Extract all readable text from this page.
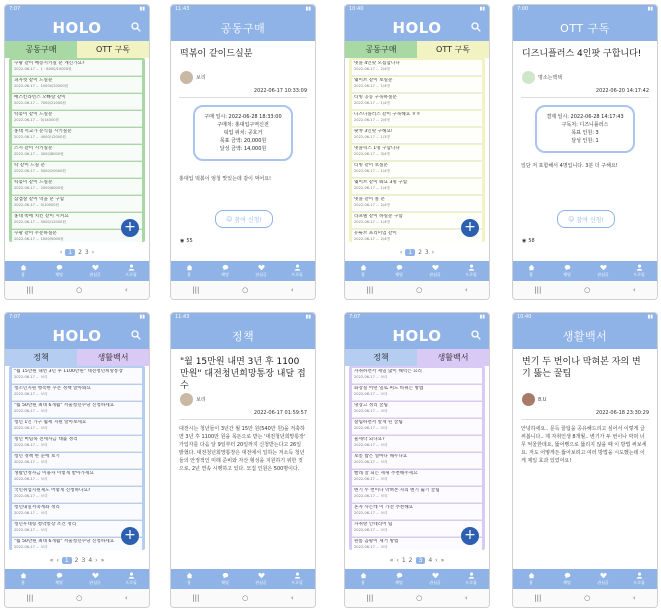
7:07	▮▮
HOLO
공동구매	OTT 구독
쿠팡 같이 배송시키실 분 계신가요?
2022-06-17 ... 1 · 8000/10000원
피자헛 같이 드실분
2022-06-17 ... 10000/20000원
배스킨라빈스 오빠랑 같이
2022-06-17 ... 7000/21000원
떡볶이 같이 드실분
2022-06-17 ... 0/14000원
홍대 서교가 분식집 시키실분
2022-06-17 ... 4000/12000원
스시 같이 시키실분
2022-06-17 ... 3000/8000원
딱 같이 드실 분
2022-06-17 ... 5000/20000원
떡볶이 같이 드실분
2022-06-17 ... 2000/8000원
삼겹살 같이 먹을 분 구함
2022-06-17 ... 0/10000원
홍대 쪽에 치킨 같이 시켜요
2022-06-17 ... 5000/12000원
쿠팡 같이 주문하실분
2022-06-17 ... 1000/5000원
+
‹	1	2 3 ›
홈	채팅	관심글	프로필
|||	○	‹
11:43	▮▮
공동구매
떡볶이 같이드실분
보리
2022-06-17 10:33:09
구매 일시: 2022-06-28 18:33:00
구매처: 홍대입구역신전
픽업 위치: 공호거
목표 금액: 20,000원
달성 금액: 14,000원
홍대입 떡볶이 엄청 맛있는데 같이 먹어요!
☺ 참여 신청!
◉ 55
홈	채팅	관심글	프로필
|||	○	‹
10:40	▮▮
HOLO
공동구매	OTT 구독
넷플 4인팟 모집합니다
2022-06-17 ... 2/4명
웨이브 같이 보실분
2022-06-17 ... 1/4명
티빙 공동 구독하실분
2022-06-17 ... 1/4명
디즈니플러스 같이 구독해요 ㅎㅎ
2022-06-17 ... 2/4명
왓챠 3인팟 구해요!
2022-06-17 ... 1/3명
넷플릭스 1명 구합니다
2022-06-17 ... 3/4명
티빙 같이 보실분
2022-06-17 ... 1/4명
웨이브 같이 봐요 3명 구함
2022-06-17 ... 1/4명
넷플 같이 볼 분
2022-06-17 ... 2/4명
라프텔 같이 하실분 구함
2022-06-17 ... 1/4명
유튜브 프리미엄 같이
2022-06-17 ... 2/4명
+
‹	1	2 3 ›
홈	채팅	관심글	프로필
|||	○	‹
7:00	▮▮
OTT 구독
디즈니플러스 4인팟 구합니다!
명소는맥택
2022-06-20 14:17:42
결제 일시: 2022-06-28 14:17:43
구독처: 디즈니플러스
목표 인원: 3
달성 인원: 1
일단 저 포함해서 4명입니다. 3분 더 구해요!
☺ 참여 신청!
◉ 58
홈	채팅	관심글	프로필
|||	○	‹
7:07	▮▮
HOLO
정책	생활백서
"월 15만원 내면 3년 후 1100만원" 대전청년희망통장
2022-06-17 ... 보리
청소년지원 행복한 쿠폰 정책 알아봐요
2022-06-17 ... 보리
"월 50만원 최대 6개월" 서울청년수당 신청하세요
2022-06-17 ... 보리
청년 1인 가구 월세 지원 알아보세요
2022-06-17 ... 보리
청년 버팀목 전세자금 대출 정리
2022-06-17 ... 보리
청년 정책 한 눈에 보기
2022-06-17 ... 보리
생활안정자금 이용자 이렇게 받아가세요
2022-06-17 ... 보리
국민취업지원제도 어떻게 신청하나요?
2022-06-17 ... 보리
청년내일저축계좌 정리
2022-06-17 ... 보리
청년우대형 청약통장 조건 정리
2022-06-17 ... 보리
"월 50만원 최대 6개월" 서울청년수당 신청하세요
2022-06-17 ... 보리
+
« ‹	1	2 3 4 › »
홈	채팅	관심글	프로필
|||	○	‹
11:43	▮▮
정책
"월 15만원 내면 3년 후 1100만원" 대전청년희망통장 내달 접수
보리
2022-06-17 01:59:57
대전시는 청년들이 3년간 월 15만 원(540만 원)을 저축하면 3년 후 1100만 원을 목돈으로 받는 '대전청년희망통장' 가입자를 다음 달 9일부터 20일까지 신청받는다고 26일 밝혔다. 대전청년희망통장은 대전에서 일하는 저소득 청년들의 안정적인 미래 준비와 자산 형성을 지원하기 위한 것으로, 2년 연속 시행하고 있다. 모집 인원은 500명이다.
홈	채팅	관심글	프로필
|||	○	‹
7:07	▮▮
HOLO
정책	생활백서
자취하면서 제일 많이 해먹는 요리
2022-06-17 ... 보리
화장실 어떤 일로 써도 바뀌는 방법
2022-06-17 ... 보리
냉장고 정리 꿀팁
2022-06-17 ... 보리
살림하면서 알게 된 꿀팁
2022-06-17 ... 보리
물세탁 되나요?
2022-06-17 ... 보리
보통 밥은 얼마나 해두나요
2022-06-17 ... 보리
빨래 잘 되는 세제 추천해주세요
2022-06-17 ... 보리
변기 두 번이나 막혀본 자의 변기 뚫기 꿀팁
2022-06-17 ... 보리
혼자 사는데 이 가전 추천해요
2022-06-17 ... 보리
자취방 인테리어 팁
2022-06-17 ... 보리
원룸 곰팡이 제거 방법
2022-06-17 ... 보리
+
« ‹ 1 2	3	4 › »
홈	채팅	관심글	프로필
|||	○	‹
10:40	▮▮
생활백서
변기 두 번이나 막혀본 자의 변기 뚫는 꿀팁
8.U
2022-06-18 23:30:29
안녕하세요.. 문득 꿀팁을 공유해드리고 싶어서 이렇게 글 써봅니다.. 제 자취인생 8개월.. 변기가 두 번이나 막혀 너무 억울한데요, 뚫어뻥으로 뚫리지 않을 때 이 방법 써보세요. 저도 어떻게든 뚫어보려고 여러 방법을 시도했는데 이게 제일 효과 있었어요!
홈	채팅	관심글	프로필
|||	○	‹
